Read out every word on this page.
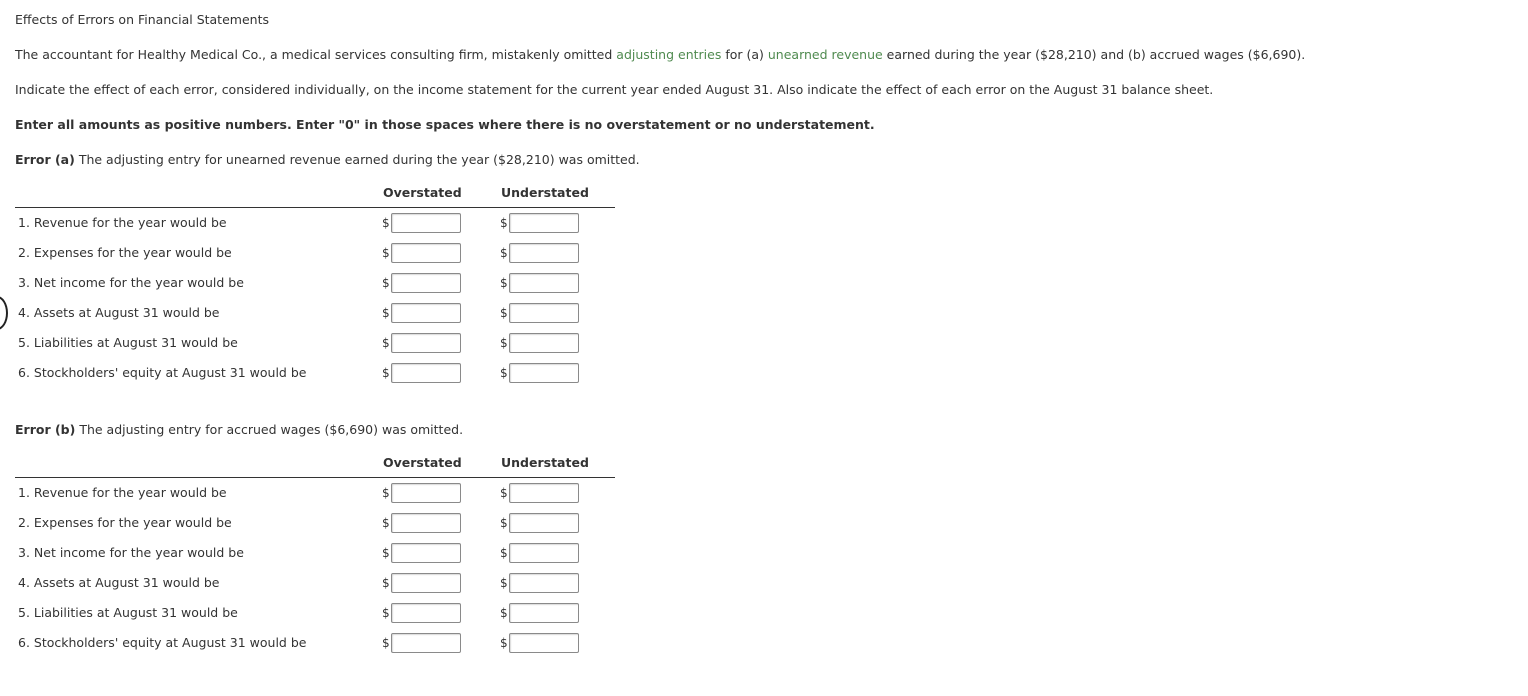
Effects of Errors on Financial Statements
The accountant for Healthy Medical Co., a medical services consulting firm, mistakenly omitted adjusting entries for (a) unearned revenue earned during the year ($28,210) and (b) accrued wages ($6,690).
Indicate the effect of each error, considered individually, on the income statement for the current year ended August 31. Also indicate the effect of each error on the August 31 balance sheet.
Enter all amounts as positive numbers. Enter "0" in those spaces where there is no overstatement or no understatement.
Error (a) The adjusting entry for unearned revenue earned during the year ($28,210) was omitted.
Overstated	Understated
1. Revenue for the year would be	$	$
2. Expenses for the year would be	$	$
3. Net income for the year would be	$	$
4. Assets at August 31 would be	$	$
5. Liabilities at August 31 would be	$	$
6. Stockholders' equity at August 31 would be	$	$
Error (b) The adjusting entry for accrued wages ($6,690) was omitted.
Overstated	Understated
1. Revenue for the year would be	$	$
2. Expenses for the year would be	$	$
3. Net income for the year would be	$	$
4. Assets at August 31 would be	$	$
5. Liabilities at August 31 would be	$	$
6. Stockholders' equity at August 31 would be	$	$
